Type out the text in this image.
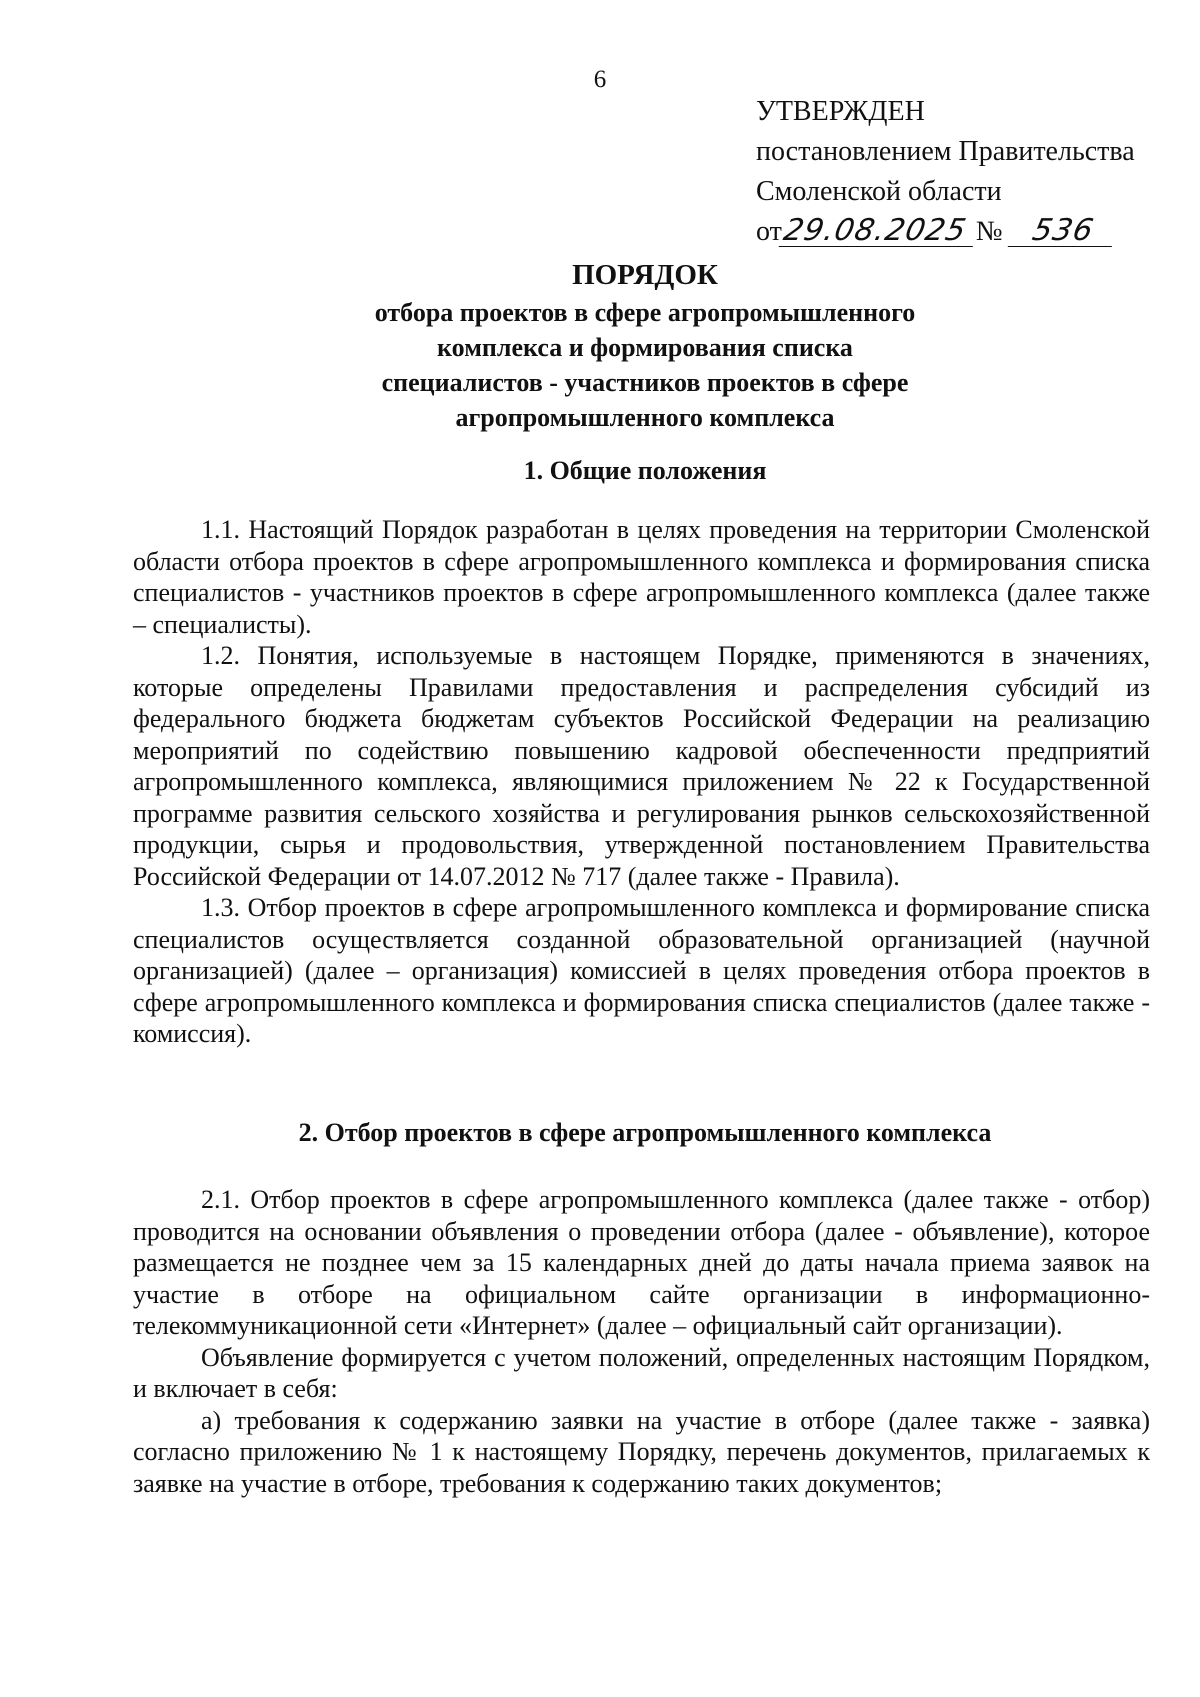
6
УТВЕРЖДЕН
постановлением Правительства
Смоленской области
от29.08.2025 № 536
ПОРЯДОК
отбора проектов в сфере агропромышленного
комплекса и формирования списка
специалистов - участников проектов в сфере
агропромышленного комплекса
1. Общие положения

1.1. Настоящий Порядок разработан в целях проведения на территории Смоленской области отбора проектов в сфере агропромышленного комплекса и формирования списка специалистов - участников проектов в сфере агропромышленного комплекса (далее также – специалисты).

1.2. Понятия, используемые в настоящем Порядке, применяются в значениях, которые определены Правилами предоставления и распределения субсидий из федерального бюджета бюджетам субъектов Российской Федерации на реализацию мероприятий по содействию повышению кадровой обеспеченности предприятий агропромышленного комплекса, являющимися приложением № 22 к Государственной программе развития сельского хозяйства и регулирования рынков сельскохозяйственной продукции, сырья и продовольствия, утвержденной постановлением Правительства Российской Федерации от 14.07.2012 № 717 (далее также - Правила).

1.3. Отбор проектов в сфере агропромышленного комплекса и формирование списка специалистов осуществляется созданной образовательной организацией (научной организацией) (далее – организация) комиссией в целях проведения отбора проектов в сфере агропромышленного комплекса и формирования списка специалистов (далее также - комиссия).

2. Отбор проектов в сфере агропромышленного комплекса

2.1. Отбор проектов в сфере агропромышленного комплекса (далее также - отбор) проводится на основании объявления о проведении отбора (далее - объявление), которое размещается не позднее чем за 15 календарных дней до даты начала приема заявок на участие в отборе на официальном сайте организации в информационно-телекоммуникационной сети «Интернет» (далее – официальный сайт организации).

Объявление формируется с учетом положений, определенных настоящим Порядком, и включает в себя:

а) требования к содержанию заявки на участие в отборе (далее также - заявка) согласно приложению № 1 к настоящему Порядку, перечень документов, прилагаемых к заявке на участие в отборе, требования к содержанию таких документов;
